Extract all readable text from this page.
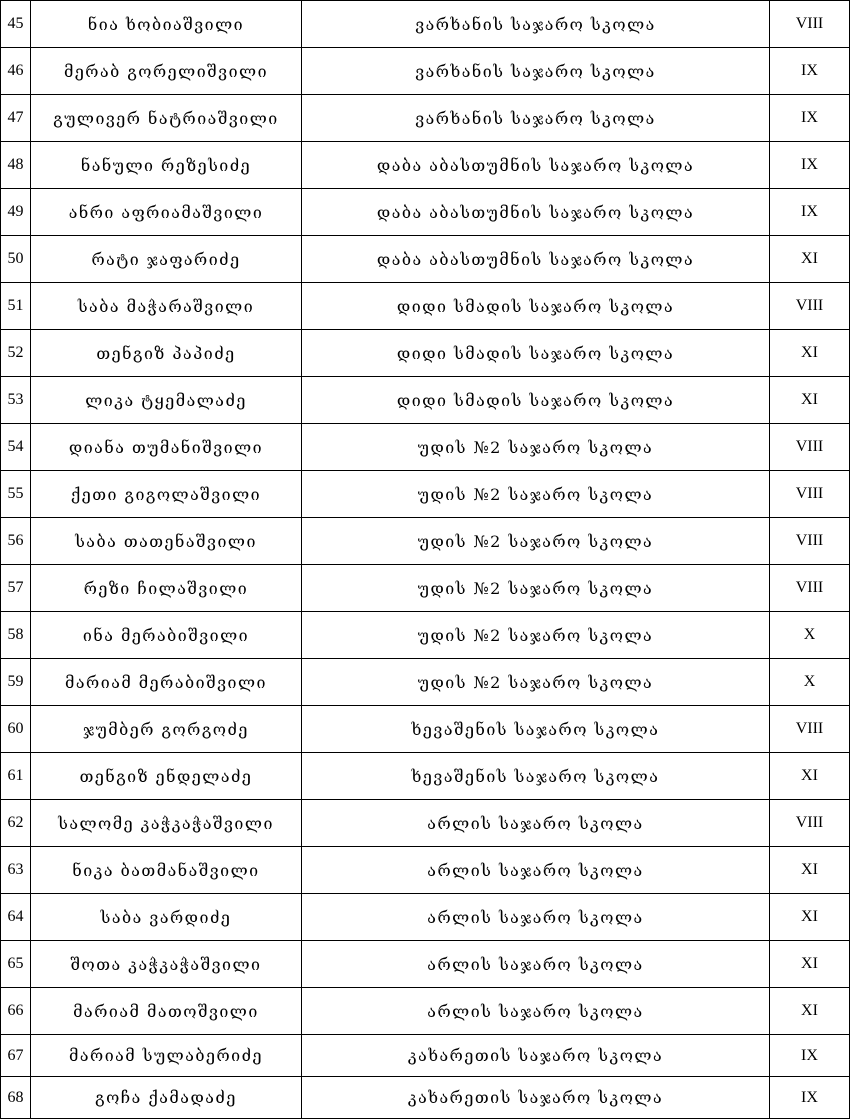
45	ნია ხობიაშვილი	ვარხანის საჯარო სკოლა	VIII
46	მერაბ გორელიშვილი	ვარხანის საჯარო სკოლა	IX
47	გულივერ ნატრიაშვილი	ვარხანის საჯარო სკოლა	IX
48	ნანული რეზესიძე	დაბა აბასთუმნის საჯარო სკოლა	IX
49	ანრი აფრიამაშვილი	დაბა აბასთუმნის საჯარო სკოლა	IX
50	რატი ჯაფარიძე	დაბა აბასთუმნის საჯარო სკოლა	XI
51	საბა მაჭარაშვილი	დიდი სმადის საჯარო სკოლა	VIII
52	თენგიზ პაპიძე	დიდი სმადის საჯარო სკოლა	XI
53	ლიკა ტყემალაძე	დიდი სმადის საჯარო სკოლა	XI
54	დიანა თუმანიშვილი	უდის №2 საჯარო სკოლა	VIII
55	ქეთი გიგოლაშვილი	უდის №2 საჯარო სკოლა	VIII
56	საბა თათენაშვილი	უდის №2 საჯარო სკოლა	VIII
57	რეზი ჩილაშვილი	უდის №2 საჯარო სკოლა	VIII
58	ინა მერაბიშვილი	უდის №2 საჯარო სკოლა	X
59	მარიამ მერაბიშვილი	უდის №2 საჯარო სკოლა	X
60	ჯუმბერ გორგოძე	ხევაშენის საჯარო სკოლა	VIII
61	თენგიზ ენდელაძე	ხევაშენის საჯარო სკოლა	XI
62	სალომე კაჭკაჭაშვილი	არლის საჯარო სკოლა	VIII
63	ნიკა ბათმანაშვილი	არლის საჯარო სკოლა	XI
64	საბა ვარდიძე	არლის საჯარო სკოლა	XI
65	შოთა კაჭკაჭაშვილი	არლის საჯარო სკოლა	XI
66	მარიამ მათოშვილი	არლის საჯარო სკოლა	XI
67	მარიამ სულაბერიძე	კახარეთის საჯარო სკოლა	IX
68	გოჩა ქამადაძე	კახარეთის საჯარო სკოლა	IX
